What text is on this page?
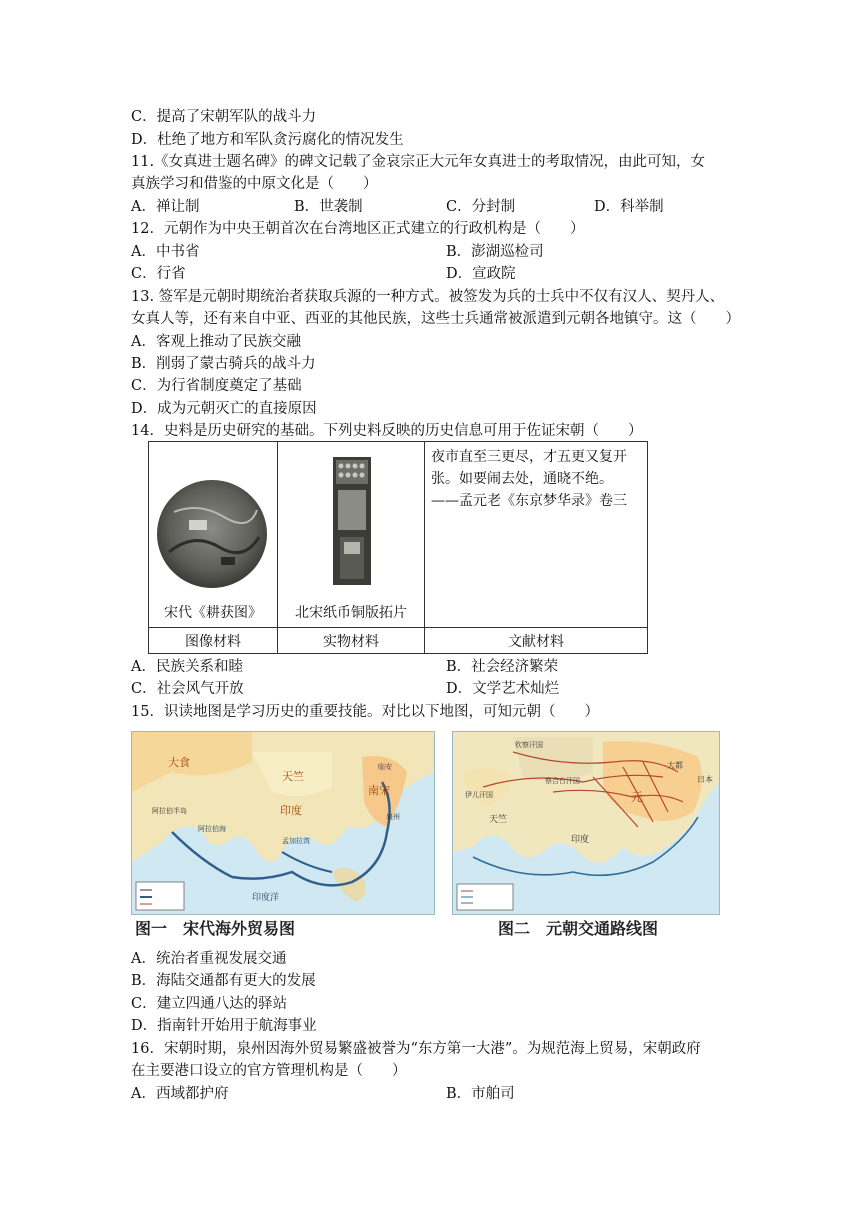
C．提高了宋朝军队的战斗力
D．杜绝了地方和军队贪污腐化的情况发生
11.《女真进士题名碑》的碑文记载了金哀宗正大元年女真进士的考取情况，由此可知，女
真族学习和借鉴的中原文化是（　　）
A．禅让制	B．世袭制	C．分封制	D．科举制
12．元朝作为中央王朝首次在台湾地区正式建立的行政机构是（　　）
A．中书省	B．澎湖巡检司
C．行省	D．宣政院
13. 签军是元朝时期统治者获取兵源的一种方式。被签发为兵的士兵中不仅有汉人、契丹人、
女真人等，还有来自中亚、西亚的其他民族，这些士兵通常被派遣到元朝各地镇守。这（　　）
A．客观上推动了民族交融
B．削弱了蒙古骑兵的战斗力
C．为行省制度奠定了基础
D．成为元朝灭亡的直接原因
14．史料是历史研究的基础。下列史料反映的历史信息可用于佐证宋朝（　　）
宋代《耕获图》	北宋纸币铜版拓片	夜市直至三更尽，才五更又复开
张。如要闹去处，通晓不绝。
——孟元老《东京梦华录》卷三

图像材料	实物材料	文献材料
A．民族关系和睦	B．社会经济繁荣
C．社会风气开放	D．文学艺术灿烂
15．识读地图是学习历史的重要技能。对比以下地图，可知元朝（　　）
大食
天竺
印度
南宋
阿拉伯半岛
阿拉伯海
孟加拉湾
临安
泉州
印度洋
图一　宋代海外贸易图
钦察汗国
察合台汗国
伊儿汗国
大都
元
天竺
印度
日本
图二　元朝交通路线图
A．统治者重视发展交通
B．海陆交通都有更大的发展
C．建立四通八达的驿站
D．指南针开始用于航海事业
16．宋朝时期，泉州因海外贸易繁盛被誉为“东方第一大港”。为规范海上贸易，宋朝政府
在主要港口设立的官方管理机构是（　　）
A．西域都护府	B．市舶司
